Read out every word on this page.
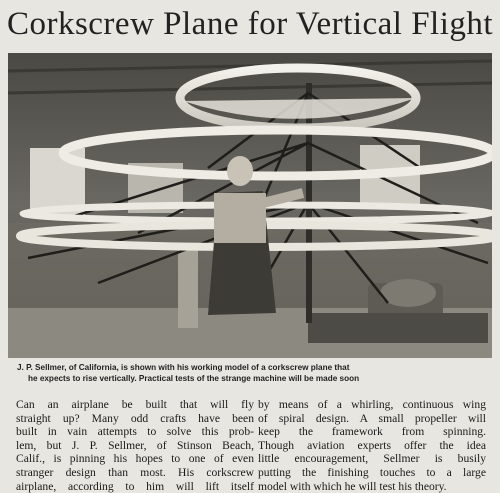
Corkscrew Plane for Vertical Flight
J. P. Sellmer, of California, is shown with his working model of a corkscrew plane that
he expects to rise vertically. Practical tests of the strange machine will be made soon
Can an airplane be built that will fly
straight up? Many odd crafts have been
built in vain attempts to solve this prob-
lem, but J. P. Sellmer, of Stinson Beach,
Calif., is pinning his hopes to one of even
stranger design than most. His corkscrew
airplane, according to him will lift itself
by means of a whirling, continuous wing
of spiral design. A small propeller will
keep the framework from spinning.
Though aviation experts offer the idea
little encouragement, Sellmer is busily
putting the finishing touches to a large
model with which he will test his theory.
